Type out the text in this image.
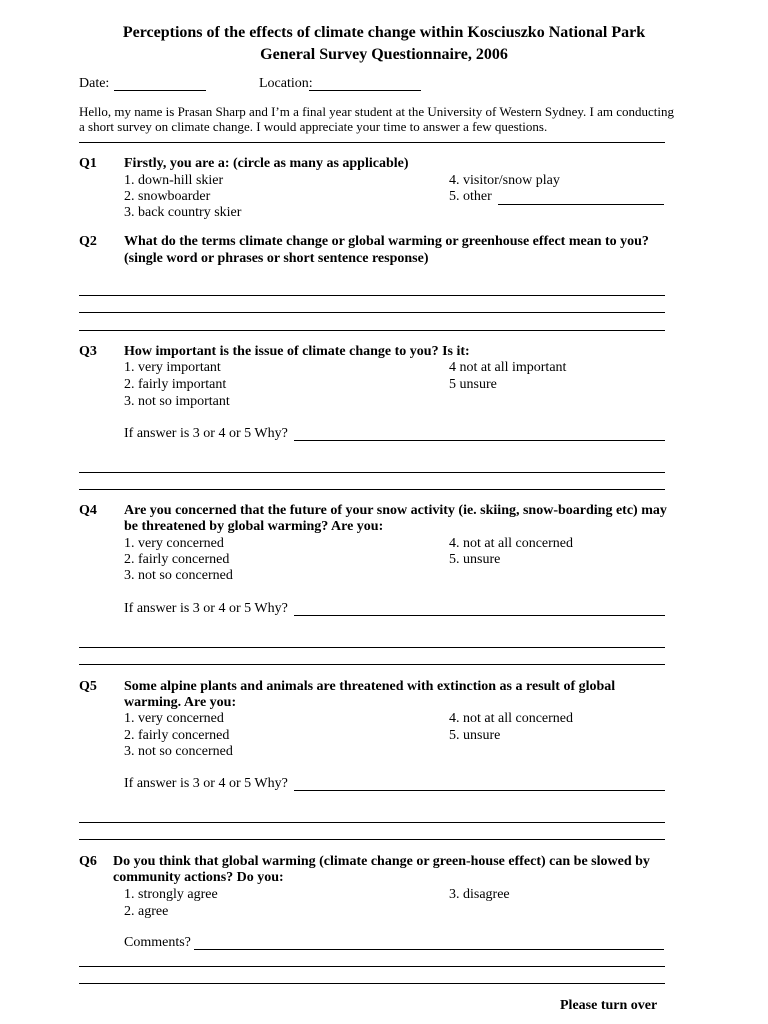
Perceptions of the effects of climate change within Kosciuszko National Park
General Survey Questionnaire, 2006
Date:	Location:
Hello, my name is Prasan Sharp and I’m a final year student at the University of Western Sydney. I am conducting
a short survey on climate change. I would appreciate your time to answer a few questions.
Q1 Firstly, you are a: (circle as many as applicable)
1. down-hill skier
2. snowboarder
3. back country skier
4. visitor/snow play
5. other
Q2 What do the terms climate change or global warming or greenhouse effect mean to you?
(single word or phrases or short sentence response)
Q3 How important is the issue of climate change to you? Is it:
1. very important
2. fairly important
3. not so important
4 not at all important
5 unsure
If answer is 3 or 4 or 5 Why?
Q4 Are you concerned that the future of your snow activity (ie. skiing, snow-boarding etc) may
be threatened by global warming? Are you:
1. very concerned
2. fairly concerned
3. not so concerned
4. not at all concerned
5. unsure
If answer is 3 or 4 or 5 Why?
Q5 Some alpine plants and animals are threatened with extinction as a result of global
warming. Are you:
1. very concerned
2. fairly concerned
3. not so concerned
4. not at all concerned
5. unsure
If answer is 3 or 4 or 5 Why?
Q6 Do you think that global warming (climate change or green-house effect) can be slowed by
community actions? Do you:
1. strongly agree
2. agree
3. disagree
Comments?
Please turn over
